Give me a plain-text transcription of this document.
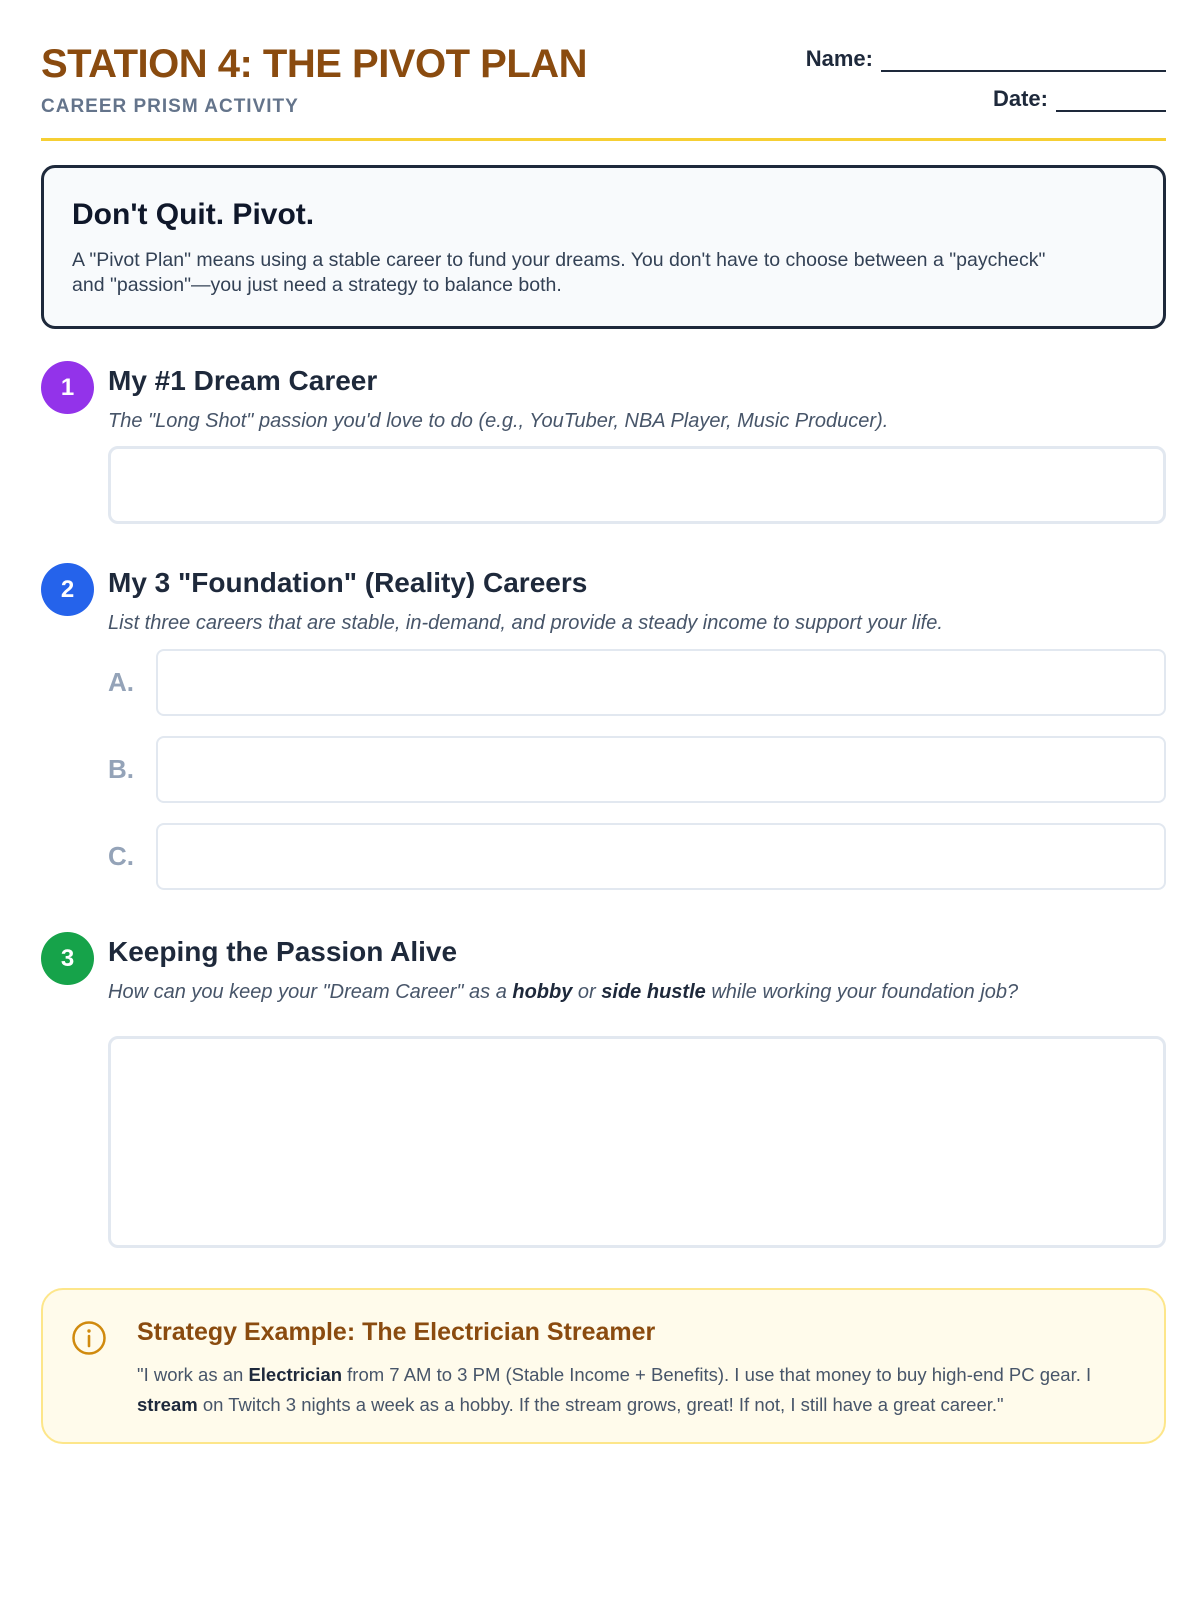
STATION 4: THE PIVOT PLAN
CAREER PRISM ACTIVITY
Name:
Date:
Don't Quit. Pivot.

A "Pivot Plan" means using a stable career to fund your dreams. You don't have to choose between a "paycheck" and "passion"—you just need a strategy to balance both.

1	My #1 Dream Career

The "Long Shot" passion you'd love to do (e.g., YouTuber, NBA Player, Music Producer).

2	My 3 "Foundation" (Reality) Careers

List three careers that are stable, in-demand, and provide a steady income to support your life.

A.
B.
C.
3	Keeping the Passion Alive

How can you keep your "Dream Career" as a hobby or side hustle while working your foundation job?

Strategy Example: The Electrician Streamer

"I work as an Electrician from 7 AM to 3 PM (Stable Income + Benefits). I use that money to buy high-end PC gear. I stream on Twitch 3 nights a week as a hobby. If the stream grows, great! If not, I still have a great career."
